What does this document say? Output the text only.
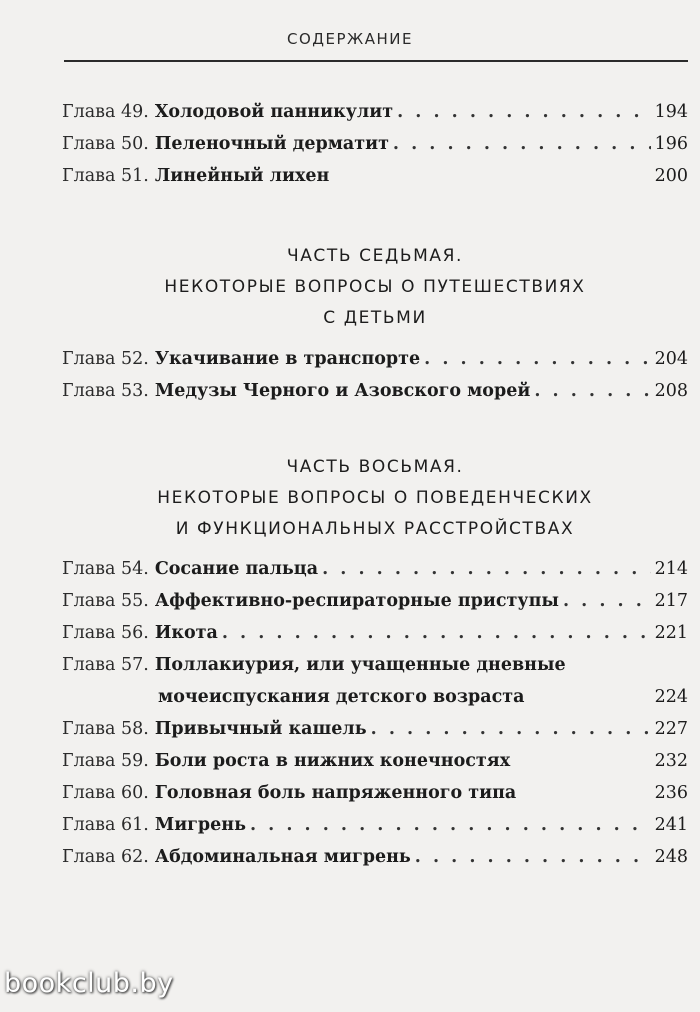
СОДЕРЖАНИЕ
Глава 49. Холодовой панникулит . . .	194
Глава 50. Пеленочный дерматит . . .	196
Глава 51. Линейный лихен	200
ЧАСТЬ СЕДЬМАЯ.
НЕКОТОРЫЕ ВОПРОСЫ О ПУТЕШЕСТВИЯХ
С ДЕТЬМИ
Глава 52. Укачивание в транспорте . . .	204
Глава 53. Медузы Черного и Азовского морей . . .	208
ЧАСТЬ ВОСЬМАЯ.
НЕКОТОРЫЕ ВОПРОСЫ О ПОВЕДЕНЧЕСКИХ
И ФУНКЦИОНАЛЬНЫХ РАССТРОЙСТВАХ
Глава 54. Сосание пальца . . .	214
Глава 55. Аффективно-респираторные приступы . . .	217
Глава 56. Икота . . .	221
Глава 57. Поллакиурия, или учащенные дневные
мочеиспускания детского возраста	224
Глава 58. Привычный кашель . . .	227
Глава 59. Боли роста в нижних конечностях	232
Глава 60. Головная боль напряженного типа	236
Глава 61. Мигрень . . .	241
Глава 62. Абдоминальная мигрень . . .	248
bookclub.by
